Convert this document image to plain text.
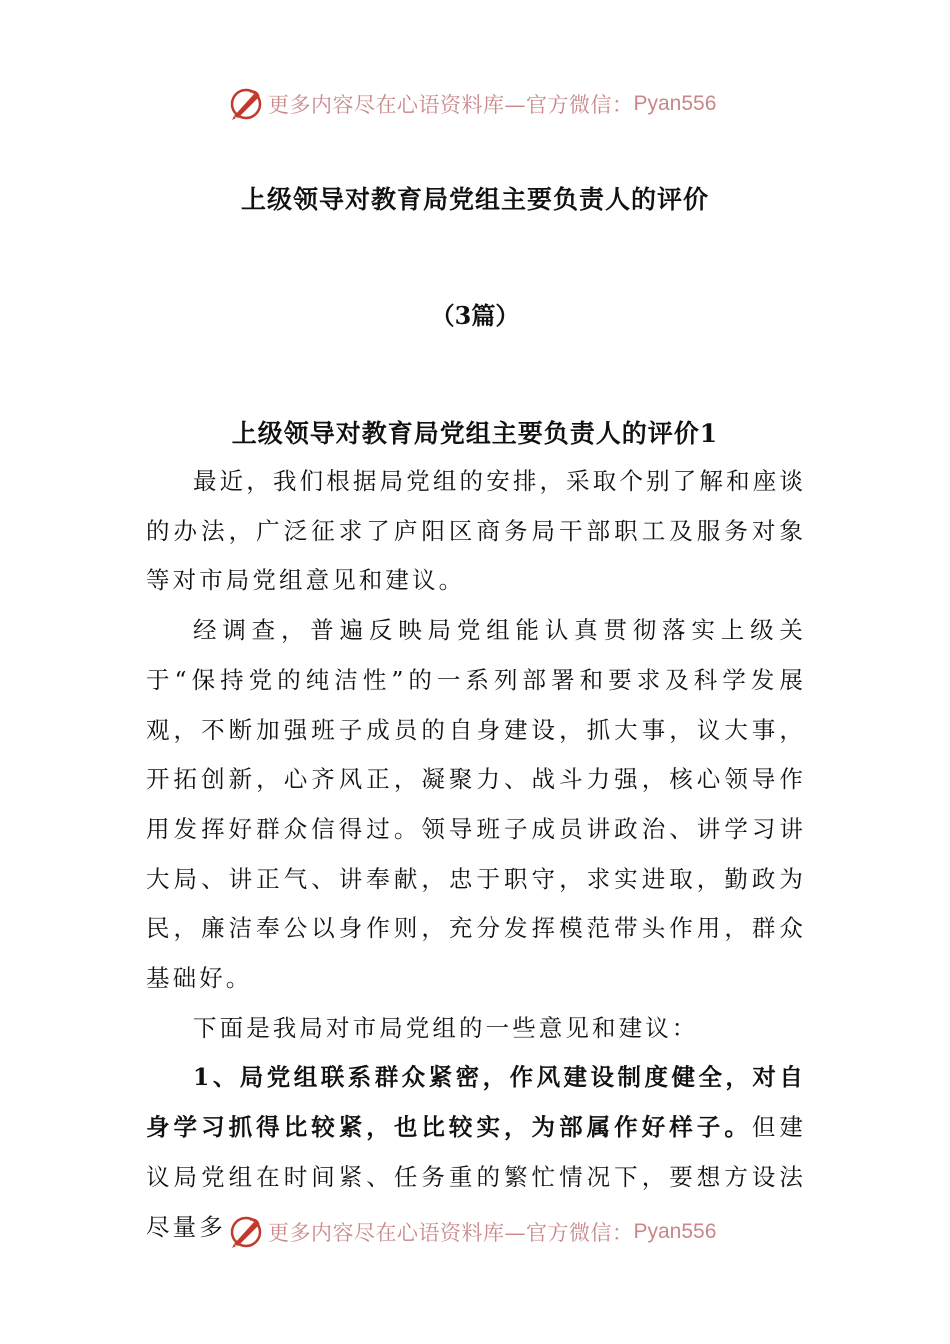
更多内容尽在心语资料库—官方微信： Pyan556
上级领导对教育局党组主要负责人的评价
（3篇）
上级领导对教育局党组主要负责人的评价1

最近，我们根据局党组的安排，采取个别了解和座谈的办法，广泛征求了庐阳区商务局干部职工及服务对象等对市局党组意见和建议。

经调查，普遍反映局党组能认真贯彻落实上级关于“保持党的纯洁性”的一系列部署和要求及科学发展观，不断加强班子成员的自身建设，抓大事，议大事，开拓创新，心齐风正，凝聚力、战斗力强，核心领导作用发挥好群众信得过。领导班子成员讲政治、讲学习讲大局、讲正气、讲奉献，忠于职守，求实进取，勤政为民，廉洁奉公以身作则，充分发挥模范带头作用，群众基础好。

下面是我局对市局党组的一些意见和建议：

1、局党组联系群众紧密，作风建设制度健全，对自身学习抓得比较紧，也比较实，为部属作好样子。但建议局党组在时间紧、任务重的繁忙情况下，要想方设法尽量多	更多内容尽在心语资料库—官方微信： Pyan556
